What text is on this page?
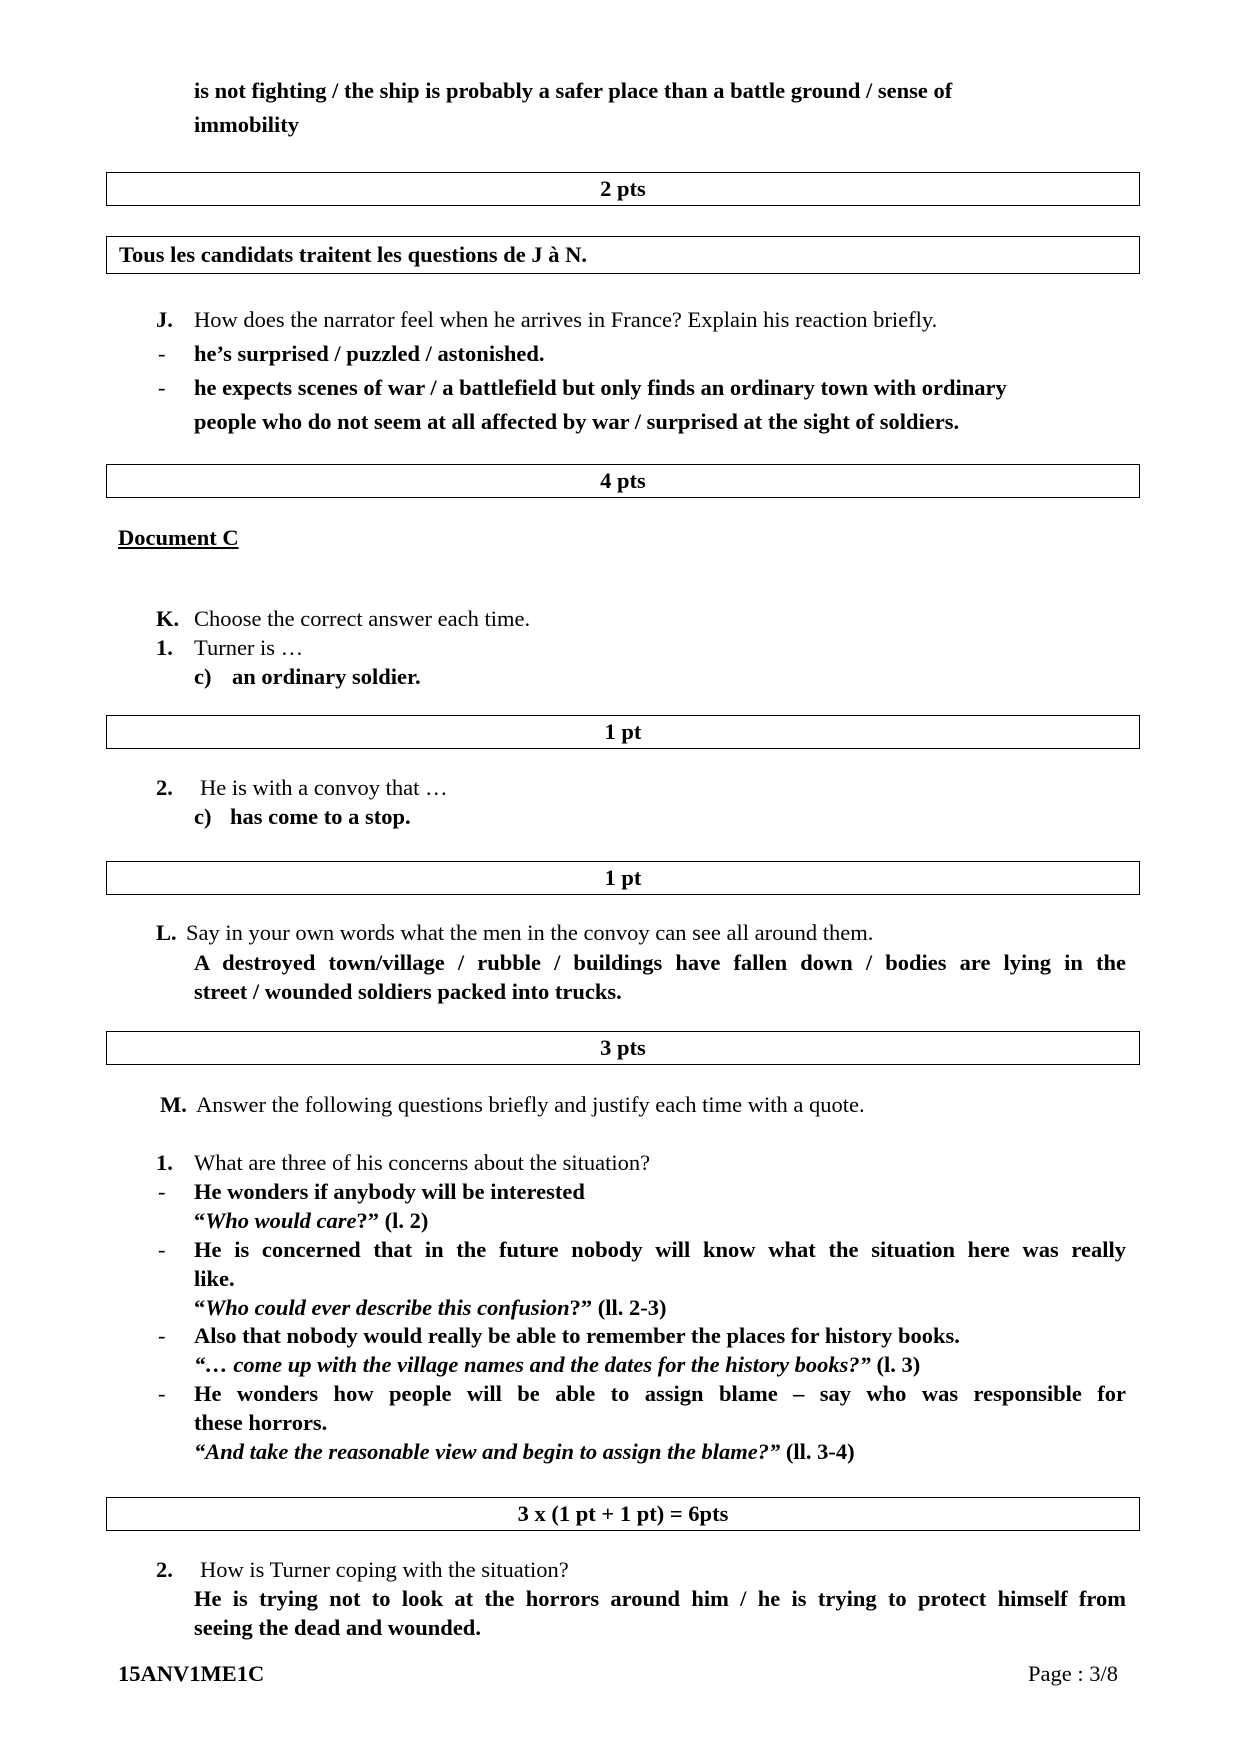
is not fighting / the ship is probably a safer place than a battle ground / sense of
immobility
2 pts
Tous les candidats traitent les questions de J à N.
J. How does the narrator feel when he arrives in France? Explain his reaction briefly.
- he’s surprised / puzzled / astonished.
- he expects scenes of war / a battlefield but only finds an ordinary town with ordinary
people who do not seem at all affected by war / surprised at the sight of soldiers.
4 pts
Document C
K. Choose the correct answer each time.
1. Turner is …
c) an ordinary soldier.
1 pt
2. He is with a convoy that …
c) has come to a stop.
1 pt
L. Say in your own words what the men in the convoy can see all around them.
A destroyed town/village / rubble / buildings have fallen down / bodies are lying in the
street / wounded soldiers packed into trucks.
3 pts
M. Answer the following questions briefly and justify each time with a quote.
1. What are three of his concerns about the situation?
- He wonders if anybody will be interested
“Who would care?” (l. 2)
- He is concerned that in the future nobody will know what the situation here was really
like.
“Who could ever describe this confusion?” (ll. 2-3)
- Also that nobody would really be able to remember the places for history books.
“… come up with the village names and the dates for the history books?” (l. 3)
- He wonders how people will be able to assign blame – say who was responsible for
these horrors.
“And take the reasonable view and begin to assign the blame?” (ll. 3-4)
3 x (1 pt + 1 pt) = 6pts
2. How is Turner coping with the situation?
He is trying not to look at the horrors around him / he is trying to protect himself from
seeing the dead and wounded.
15ANV1ME1C	Page : 3/8
